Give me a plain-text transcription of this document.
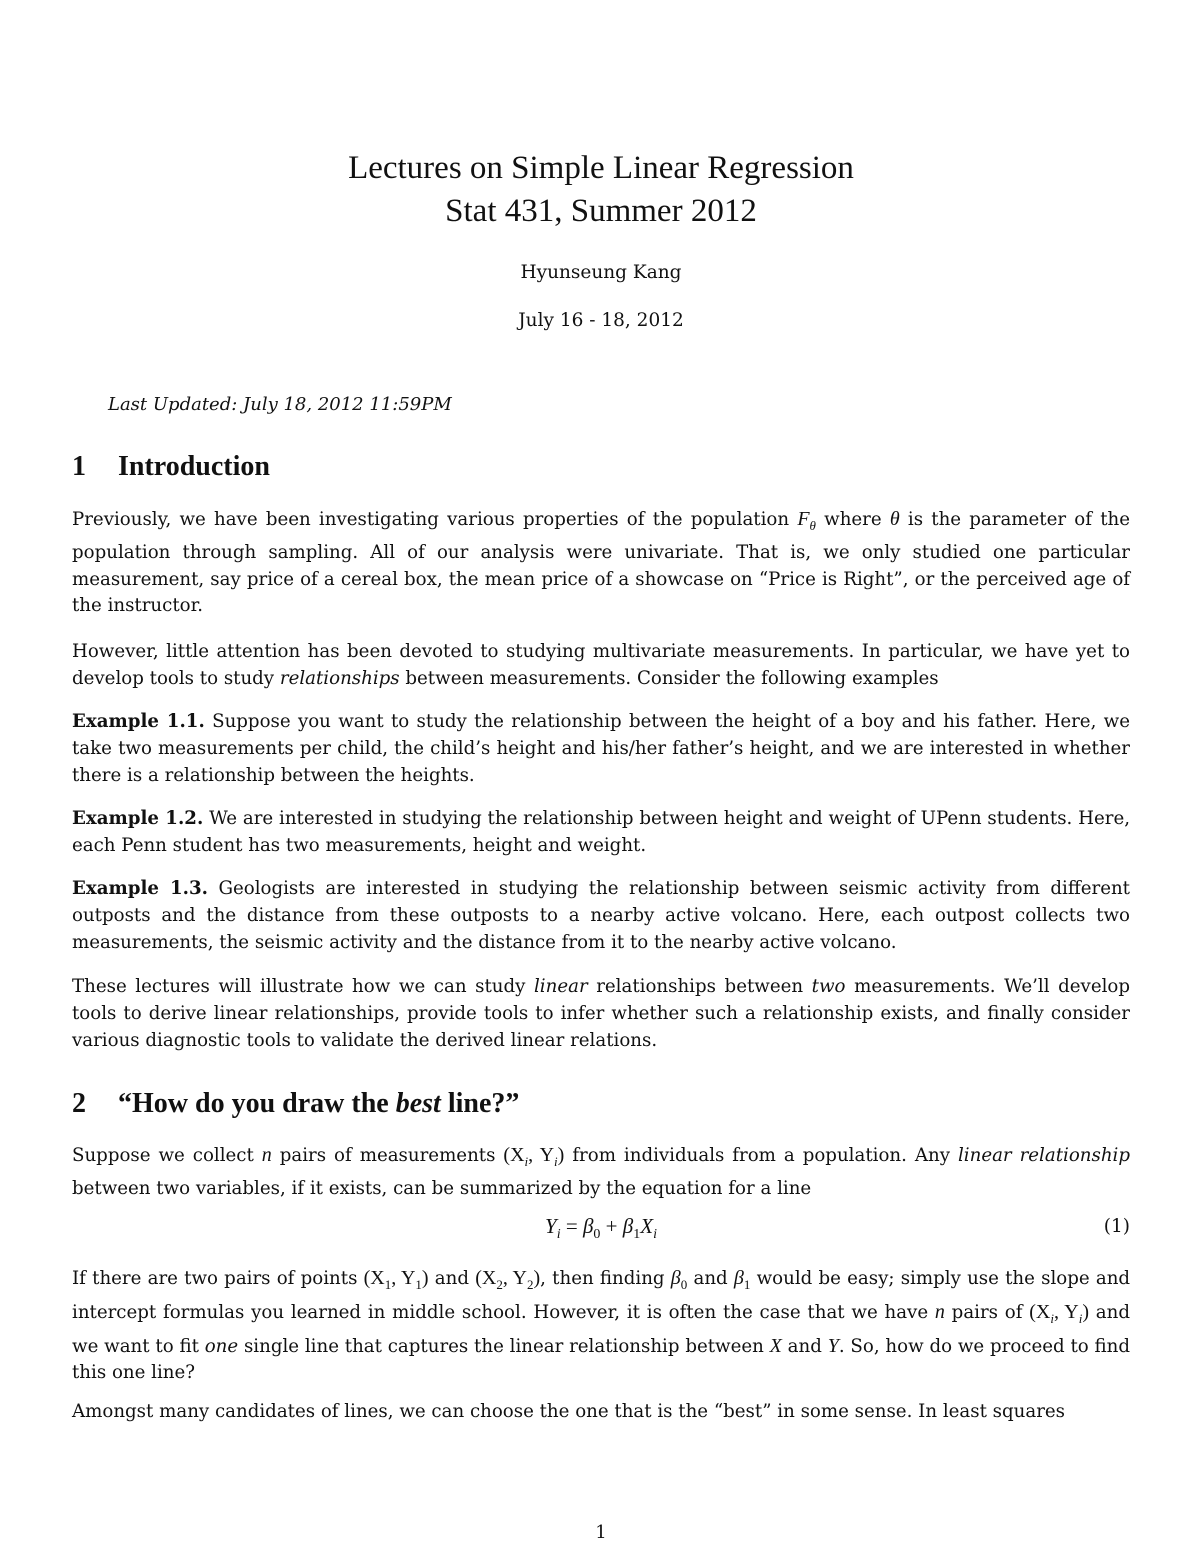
Lectures on Simple Linear Regression
Stat 431, Summer 2012

Hyunseung Kang

July 16 - 18, 2012

Last Updated: July 18, 2012 11:59PM

1 Introduction

Previously, we have been investigating various properties of the population $F_\theta$ where θ is the parameter of the population through sampling. All of our analysis were univariate. That is, we only studied one particular measurement, say price of a cereal box, the mean price of a showcase on “Price is Right”, or the perceived age of the instructor.

However, little attention has been devoted to studying multivariate measurements. In particular, we have yet to develop tools to study relationships between measurements. Consider the following examples

Example 1.1. Suppose you want to study the relationship between the height of a boy and his father. Here, we take two measurements per child, the child’s height and his/her father’s height, and we are interested in whether there is a relationship between the heights.

Example 1.2. We are interested in studying the relationship between height and weight of UPenn students. Here, each Penn student has two measurements, height and weight.

Example 1.3. Geologists are interested in studying the relationship between seismic activity from different outposts and the distance from these outposts to a nearby active volcano. Here, each outpost collects two measurements, the seismic activity and the distance from it to the nearby active volcano.

These lectures will illustrate how we can study linear relationships between two measurements. We’ll develop tools to derive linear relationships, provide tools to infer whether such a relationship exists, and finally consider various diagnostic tools to validate the derived linear relations.

2 “How do you draw the best line?”

Suppose we collect n pairs of measurements ($X_i$, $Y_i$) from individuals from a population. Any linear relationship between two variables, if it exists, can be summarized by the equation for a line

$Y_i = \beta_0 + \beta_1X_i$	(1)

If there are two pairs of points ($X_1$, $Y_1$) and ($X_2$, $Y_2$), then finding $\beta_0$ and $\beta_1$ would be easy; simply use the slope and intercept formulas you learned in middle school. However, it is often the case that we have n pairs of ($X_i$, $Y_i$) and we want to fit one single line that captures the linear relationship between X and Y. So, how do we proceed to find this one line?

Amongst many candidates of lines, we can choose the one that is the “best” in some sense. In least squares

1
